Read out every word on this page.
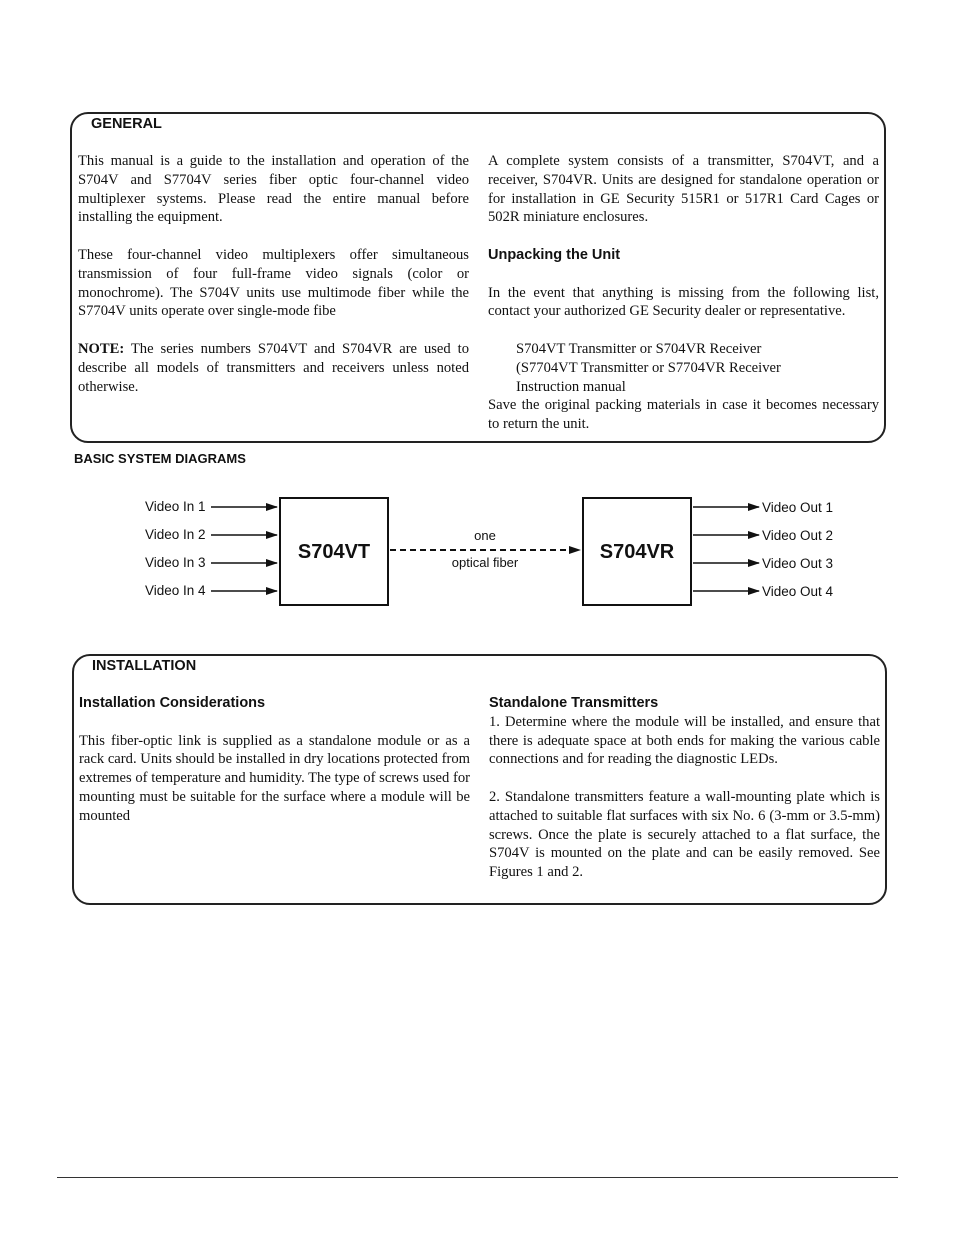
GENERAL

This manual is a guide to the installation and operation of the S704V and S7704V series fiber optic four-channel video multiplexer systems. Please read the entire manual before installing the equipment.

These four-channel video multiplexers offer simultaneous transmission of four full-frame video signals (color or monochrome). The S704V units use multimode fiber while the S7704V units operate over single-mode fibe

NOTE: The series numbers S704VT and S704VR are used to describe all models of transmitters and receivers unless noted otherwise.

A complete system consists of a transmitter, S704VT, and a receiver, S704VR. Units are designed for standalone operation or for installation in GE Security 515R1 or 517R1 Card Cages or 502R miniature enclosures.

Unpacking the Unit

In the event that anything is missing from the following list, contact your authorized GE Security dealer or representative.

S704VT Transmitter or S704VR Receiver
(S7704VT Transmitter or S7704VR Receiver
Instruction manual

Save the original packing materials in case it becomes necessary to return the unit.

BASIC SYSTEM DIAGRAMS
Video In 1
Video In 2
Video In 3
Video In 4
S704VT
one
optical fiber	S704VR
Video Out 1
Video Out 2
Video Out 3
Video Out 4
INSTALLATION
Installation Considerations

This fiber-optic link is supplied as a standalone module or as a rack card. Units should be installed in dry locations protected from extremes of temperature and humidity. The type of screws used for mounting must be suitable for the surface where a module will be mounted

Standalone Transmitters

1. Determine where the module will be installed, and ensure that there is adequate space at both ends for making the various cable connections and for reading the diagnostic LEDs.

2. Standalone transmitters feature a wall-mounting plate which is attached to suitable flat surfaces with six No. 6 (3-mm or 3.5-mm) screws. Once the plate is securely attached to a flat surface, the S704V is mounted on the plate and can be easily removed. See Figures 1 and 2.
